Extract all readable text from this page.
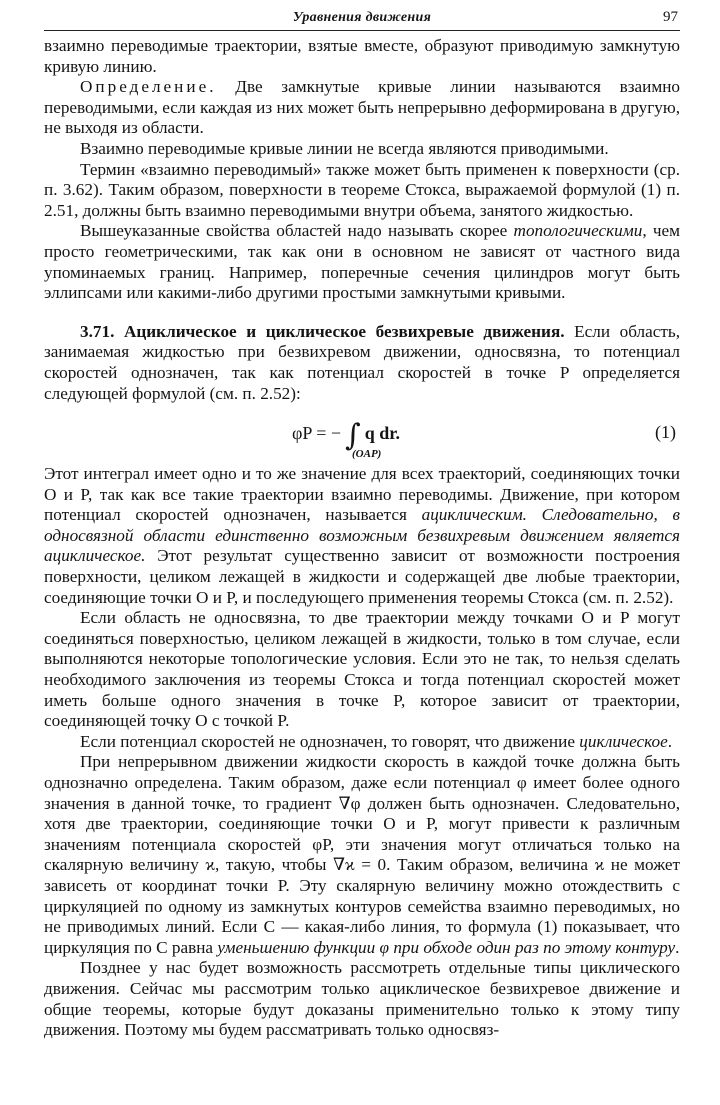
Уравнения движения	97

взаимно переводимые траектории, взятые вместе, образуют приводимую замкнутую кривую линию.

Определение. Две замкнутые кривые линии называются взаимно переводимыми, если каждая из них может быть непрерывно деформирована в другую, не выходя из области.

Взаимно переводимые кривые линии не всегда являются приводимыми.

Термин «взаимно переводимый» также может быть применен к поверхности (ср. п. 3.62). Таким образом, поверхности в теореме Стокса, выражаемой формулой (1) п. 2.51, должны быть взаимно переводимыми внутри объема, занятого жидкостью.

Вышеуказанные свойства областей надо называть скорее топологическими, чем просто геометрическими, так как они в основном не зависят от частного вида упоминаемых границ. Например, поперечные сечения цилиндров могут быть эллипсами или какими-либо другими простыми замкнутыми кривыми.

3.71. Ациклическое и циклическое безвихревые движения. Если область, занимаемая жидкостью при безвихревом движении, односвязна, то потенциал скоростей однозначен, так как потенциал скоростей в точке P определяется следующей формулой (см. п. 2.52):

φP = − ∫ q dr.
(OAP)
(1)

Этот интеграл имеет одно и то же значение для всех траекторий, соединяющих точки O и P, так как все такие траектории взаимно переводимы. Движение, при котором потенциал скоростей однозначен, называется ациклическим. Следовательно, в односвязной области единственно возможным безвихревым движением является ациклическое. Этот результат существенно зависит от возможности построения поверхности, целиком лежащей в жидкости и содержащей две любые траектории, соединяющие точки O и P, и последующего применения теоремы Стокса (см. п. 2.52).

Если область не односвязна, то две траектории между точками O и P могут соединяться поверхностью, целиком лежащей в жидкости, только в том случае, если выполняются некоторые топологические условия. Если это не так, то нельзя сделать необходимого заключения из теоремы Стокса и тогда потенциал скоростей может иметь больше одного значения в точке P, которое зависит от траектории, соединяющей точку O с точкой P.

Если потенциал скоростей не однозначен, то говорят, что движение циклическое.

При непрерывном движении жидкости скорость в каждой точке должна быть однозначно определена. Таким образом, даже если потенциал φ имеет более одного значения в данной точке, то градиент ∇φ должен быть однозначен. Следовательно, хотя две траектории, соединяющие точки O и P, могут привести к различным значениям потенциала скоростей φP, эти значения могут отличаться только на скалярную величину ϰ, такую, чтобы ∇ϰ = 0. Таким образом, величина ϰ не может зависеть от координат точки P. Эту скалярную величину можно отождествить с циркуляцией по одному из замкнутых контуров семейства взаимно переводимых, но не приводимых линий. Если C — какая-либо линия, то формула (1) показывает, что циркуляция по C равна уменьшению функции φ при обходе один раз по этому контуру.

Позднее у нас будет возможность рассмотреть отдельные типы циклического движения. Сейчас мы рассмотрим только ациклическое безвихревое движение и общие теоремы, которые будут доказаны применительно только к этому типу движения. Поэтому мы будем рассматривать только односвяз-
